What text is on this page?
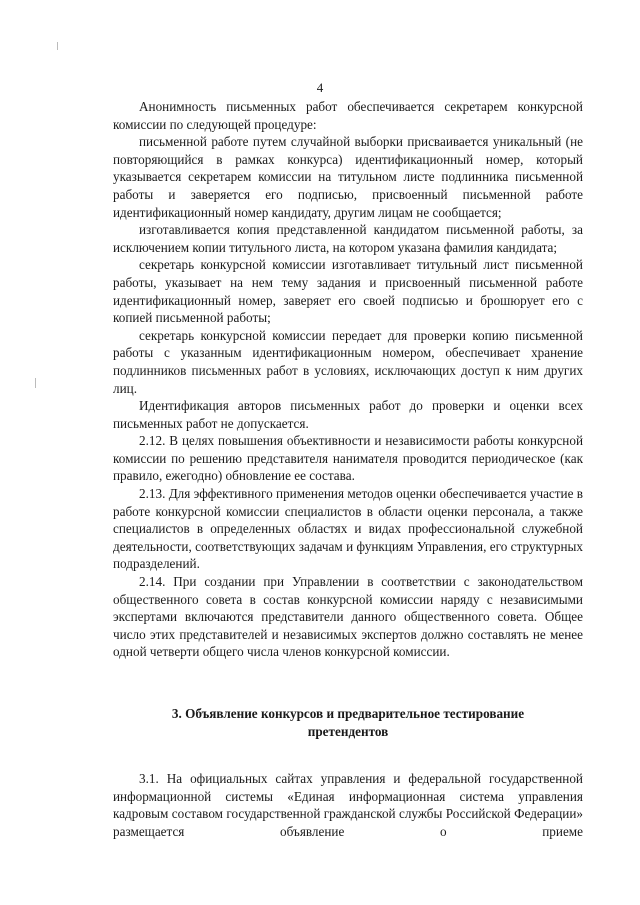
4

Анонимность письменных работ обеспечивается секретарем конкурсной комиссии по следующей процедуре:

письменной работе путем случайной выборки присваивается уникальный (не повторяющийся в рамках конкурса) идентификационный номер, который указывается секретарем комиссии на титульном листе подлинника письменной работы и заверяется его подписью, присвоенный письменной работе идентификационный номер кандидату, другим лицам не сообщается;

изготавливается копия представленной кандидатом письменной работы, за исключением копии титульного листа, на котором указана фамилия кандидата;

секретарь конкурсной комиссии изготавливает титульный лист письменной работы, указывает на нем тему задания и присвоенный письменной работе идентификационный номер, заверяет его своей подписью и брошюрует его с копией письменной работы;

секретарь конкурсной комиссии передает для проверки копию письменной работы с указанным идентификационным номером, обеспечивает хранение подлинников письменных работ в условиях, исключающих доступ к ним других лиц.

Идентификация авторов письменных работ до проверки и оценки всех письменных работ не допускается.

2.12. В целях повышения объективности и независимости работы конкурсной комиссии по решению представителя нанимателя проводится периодическое (как правило, ежегодно) обновление ее состава.

2.13. Для эффективного применения методов оценки обеспечивается участие в работе конкурсной комиссии специалистов в области оценки персонала, а также специалистов в определенных областях и видах профессиональной служебной деятельности, соответствующих задачам и функциям Управления, его структурных подразделений.

2.14. При создании при Управлении в соответствии с законодательством общественного совета в состав конкурсной комиссии наряду с независимыми экспертами включаются представители данного общественного совета. Общее число этих представителей и независимых экспертов должно составлять не менее одной четверти общего числа членов конкурсной комиссии.

3. Объявление конкурсов и предварительное тестирование
претендентов

3.1. На официальных сайтах управления и федеральной государственной информационной системы «Единая информационная система управления кадровым составом государственной гражданской службы Российской Федерации» размещается объявление о приеме
